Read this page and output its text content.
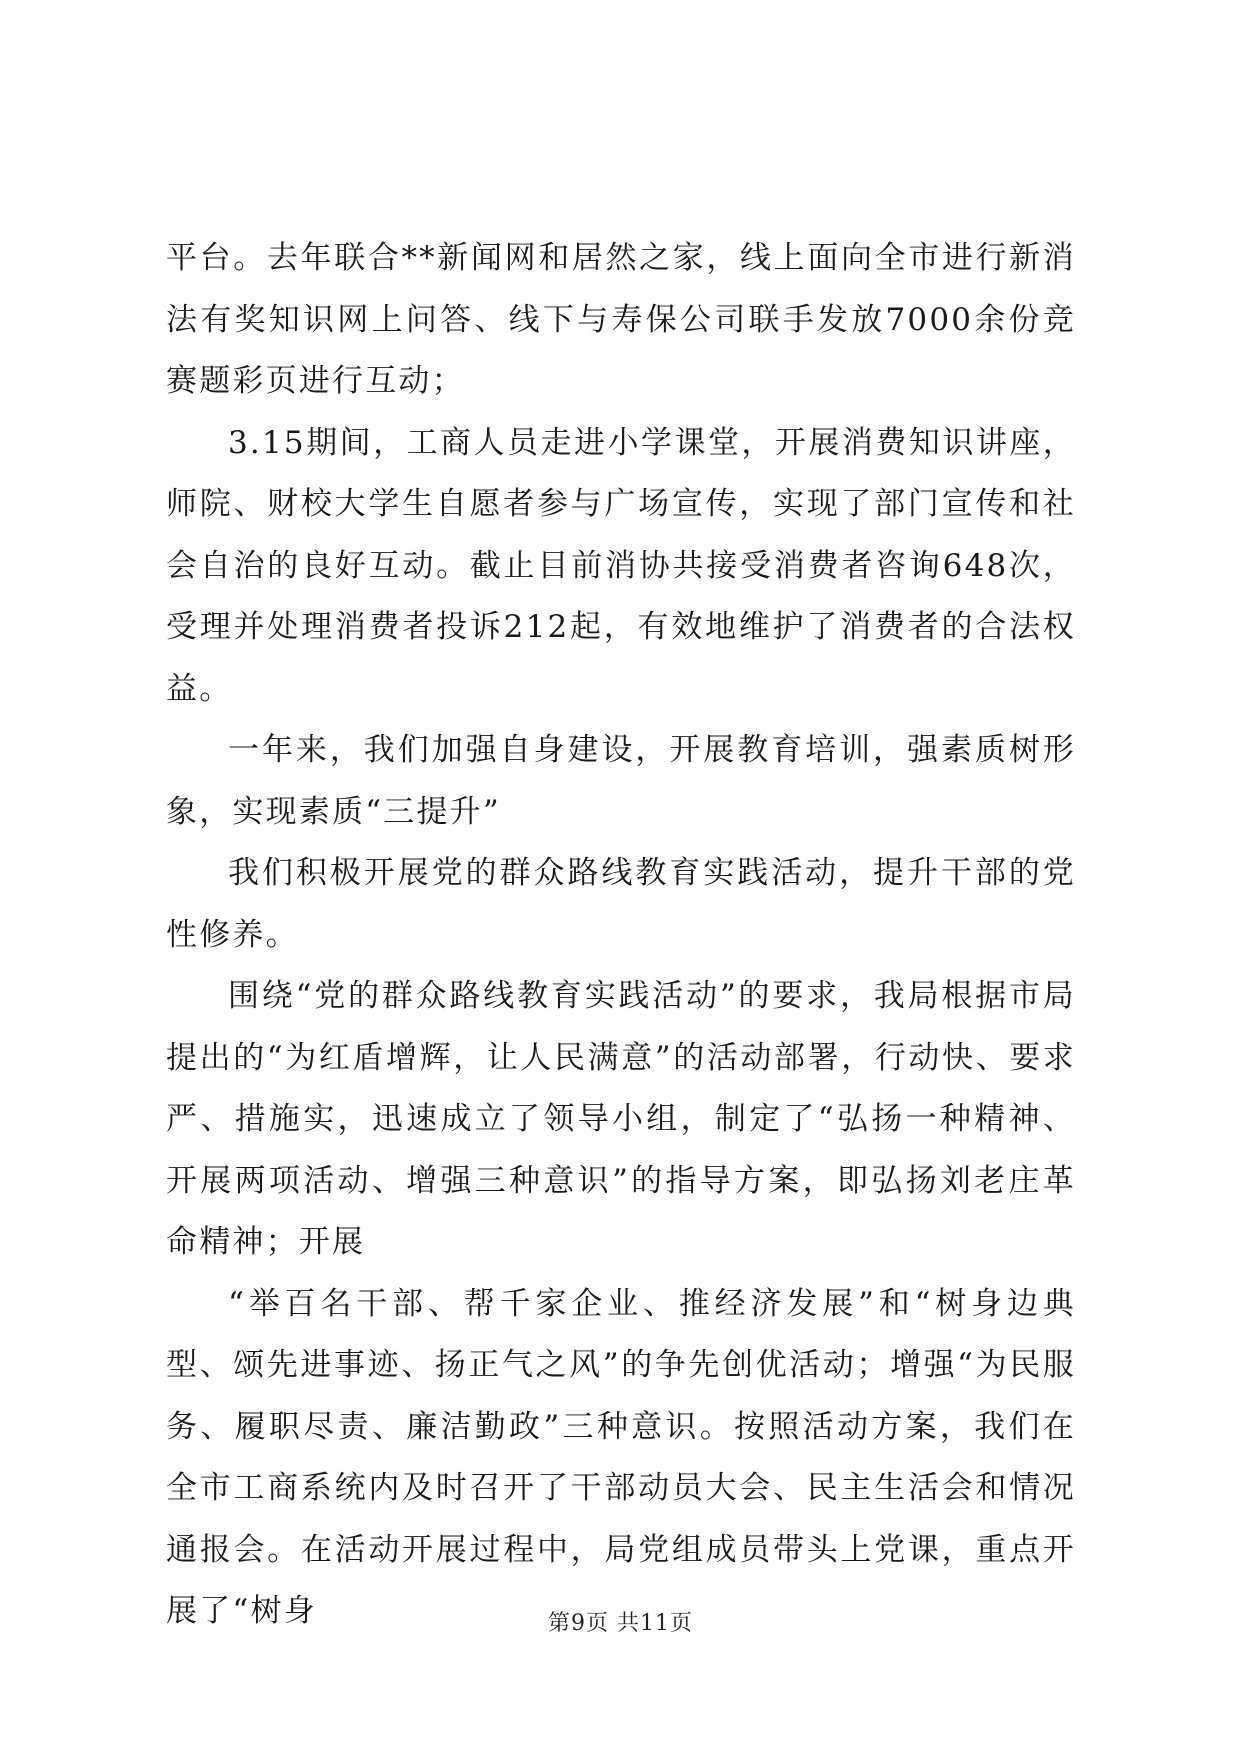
平台。去年联合**新闻网和居然之家，线上面向全市进行新消法有奖知识网上问答、线下与寿保公司联手发放7000余份竞赛题彩页进行互动；

3.15期间，工商人员走进小学课堂，开展消费知识讲座，师院、财校大学生自愿者参与广场宣传，实现了部门宣传和社会自治的良好互动。截止目前消协共接受消费者咨询648次，受理并处理消费者投诉212起，有效地维护了消费者的合法权益。

一年来，我们加强自身建设，开展教育培训，强素质树形象，实现素质“三提升”

我们积极开展党的群众路线教育实践活动，提升干部的党性修养。

围绕“党的群众路线教育实践活动”的要求，我局根据市局提出的“为红盾增辉，让人民满意”的活动部署，行动快、要求严、措施实，迅速成立了领导小组，制定了“弘扬一种精神、开展两项活动、增强三种意识”的指导方案，即弘扬刘老庄革命精神；开展

“举百名干部、帮千家企业、推经济发展”和“树身边典型、颂先进事迹、扬正气之风”的争先创优活动；增强“为民服务、履职尽责、廉洁勤政”三种意识。按照活动方案，我们在全市工商系统内及时召开了干部动员大会、民主生活会和情况通报会。在活动开展过程中，局党组成员带头上党课，重点开展了“树身	第9页 共11页
